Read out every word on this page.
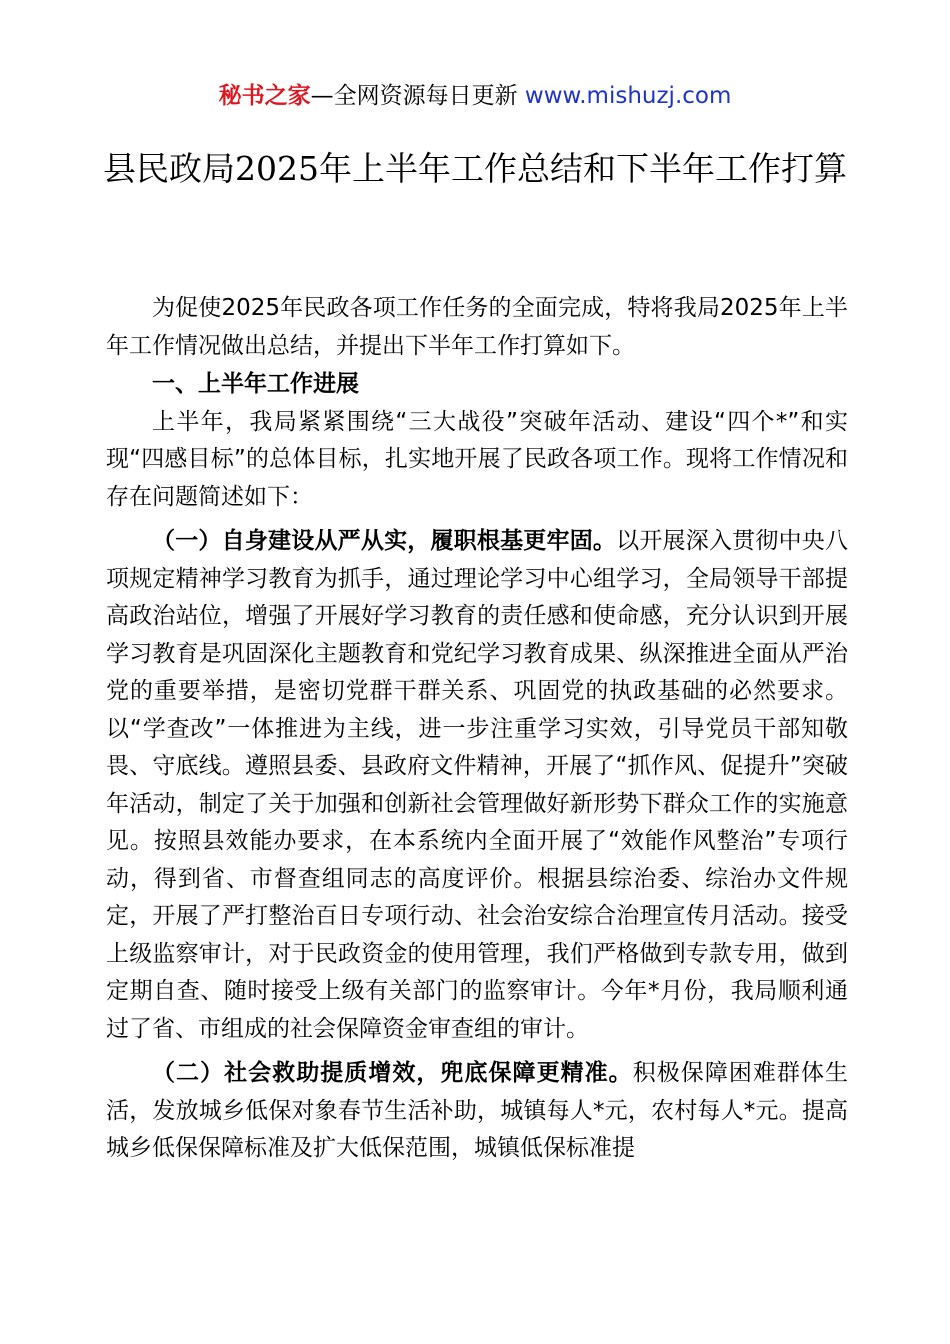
秘书之家—全网资源每日更新 www.mishuzj.com
县民政局2025年上半年工作总结和下半年工作打算

为促使2025年民政各项工作任务的全面完成，特将我局2025年上半年工作情况做出总结，并提出下半年工作打算如下。

一、上半年工作进展

上半年，我局紧紧围绕“三大战役”突破年活动、建设“四个*”和实现“四感目标”的总体目标，扎实地开展了民政各项工作。现将工作情况和存在问题简述如下：

（一）自身建设从严从实，履职根基更牢固。以开展深入贯彻中央八项规定精神学习教育为抓手，通过理论学习中心组学习，全局领导干部提高政治站位，增强了开展好学习教育的责任感和使命感，充分认识到开展学习教育是巩固深化主题教育和党纪学习教育成果、纵深推进全面从严治党的重要举措，是密切党群干群关系、巩固党的执政基础的必然要求。以“学查改”一体推进为主线，进一步注重学习实效，引导党员干部知敬畏、守底线。遵照县委、县政府文件精神，开展了“抓作风、促提升”突破年活动，制定了关于加强和创新社会管理做好新形势下群众工作的实施意见。按照县效能办要求，在本系统内全面开展了“效能作风整治”专项行动，得到省、市督查组同志的高度评价。根据县综治委、综治办文件规定，开展了严打整治百日专项行动、社会治安综合治理宣传月活动。接受上级监察审计，对于民政资金的使用管理，我们严格做到专款专用，做到定期自查、随时接受上级有关部门的监察审计。今年*月份，我局顺利通过了省、市组成的社会保障资金审查组的审计。

（二）社会救助提质增效，兜底保障更精准。积极保障困难群体生活，发放城乡低保对象春节生活补助，城镇每人*元，农村每人*元。提高城乡低保保障标准及扩大低保范围，城镇低保标准提
